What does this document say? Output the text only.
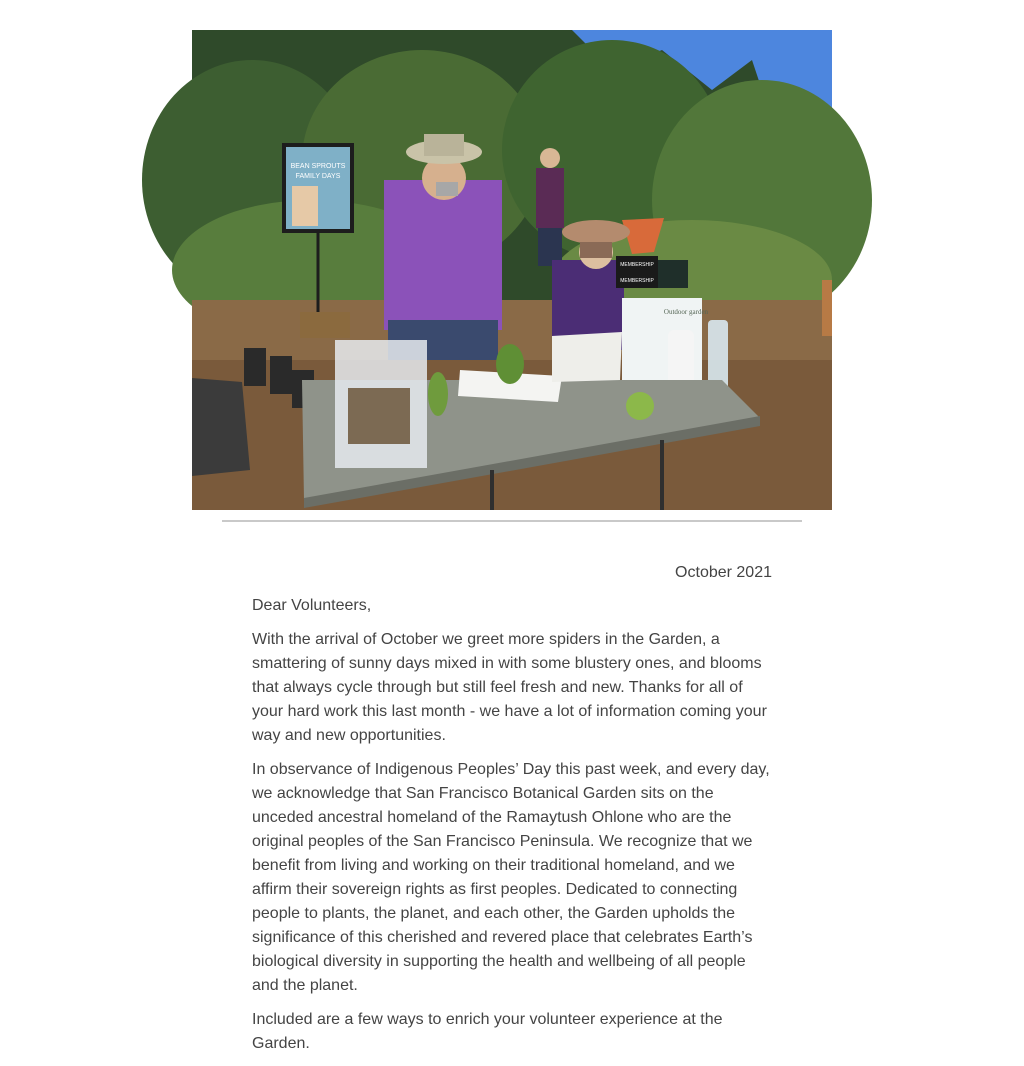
BEAN SPROUTS
FAMILY DAYS
MEMBERSHIP
MEMBERSHIP
Outdoor garden
October 2021

Dear Volunteers,

With the arrival of October we greet more spiders in the Garden, a smattering of sunny days mixed in with some blustery ones, and blooms that always cycle through but still feel fresh and new. Thanks for all of your hard work this last month - we have a lot of information coming your way and new opportunities.

In observance of Indigenous Peoples’ Day this past week, and every day, we acknowledge that San Francisco Botanical Garden sits on the unceded ancestral homeland of the Ramaytush Ohlone who are the original peoples of the San Francisco Peninsula. We recognize that we benefit from living and working on their traditional homeland, and we affirm their sovereign rights as first peoples. Dedicated to connecting people to plants, the planet, and each other, the Garden upholds the significance of this cherished and revered place that celebrates Earth’s biological diversity in supporting the health and wellbeing of all people and the planet.

Included are a few ways to enrich your volunteer experience at the Garden.
